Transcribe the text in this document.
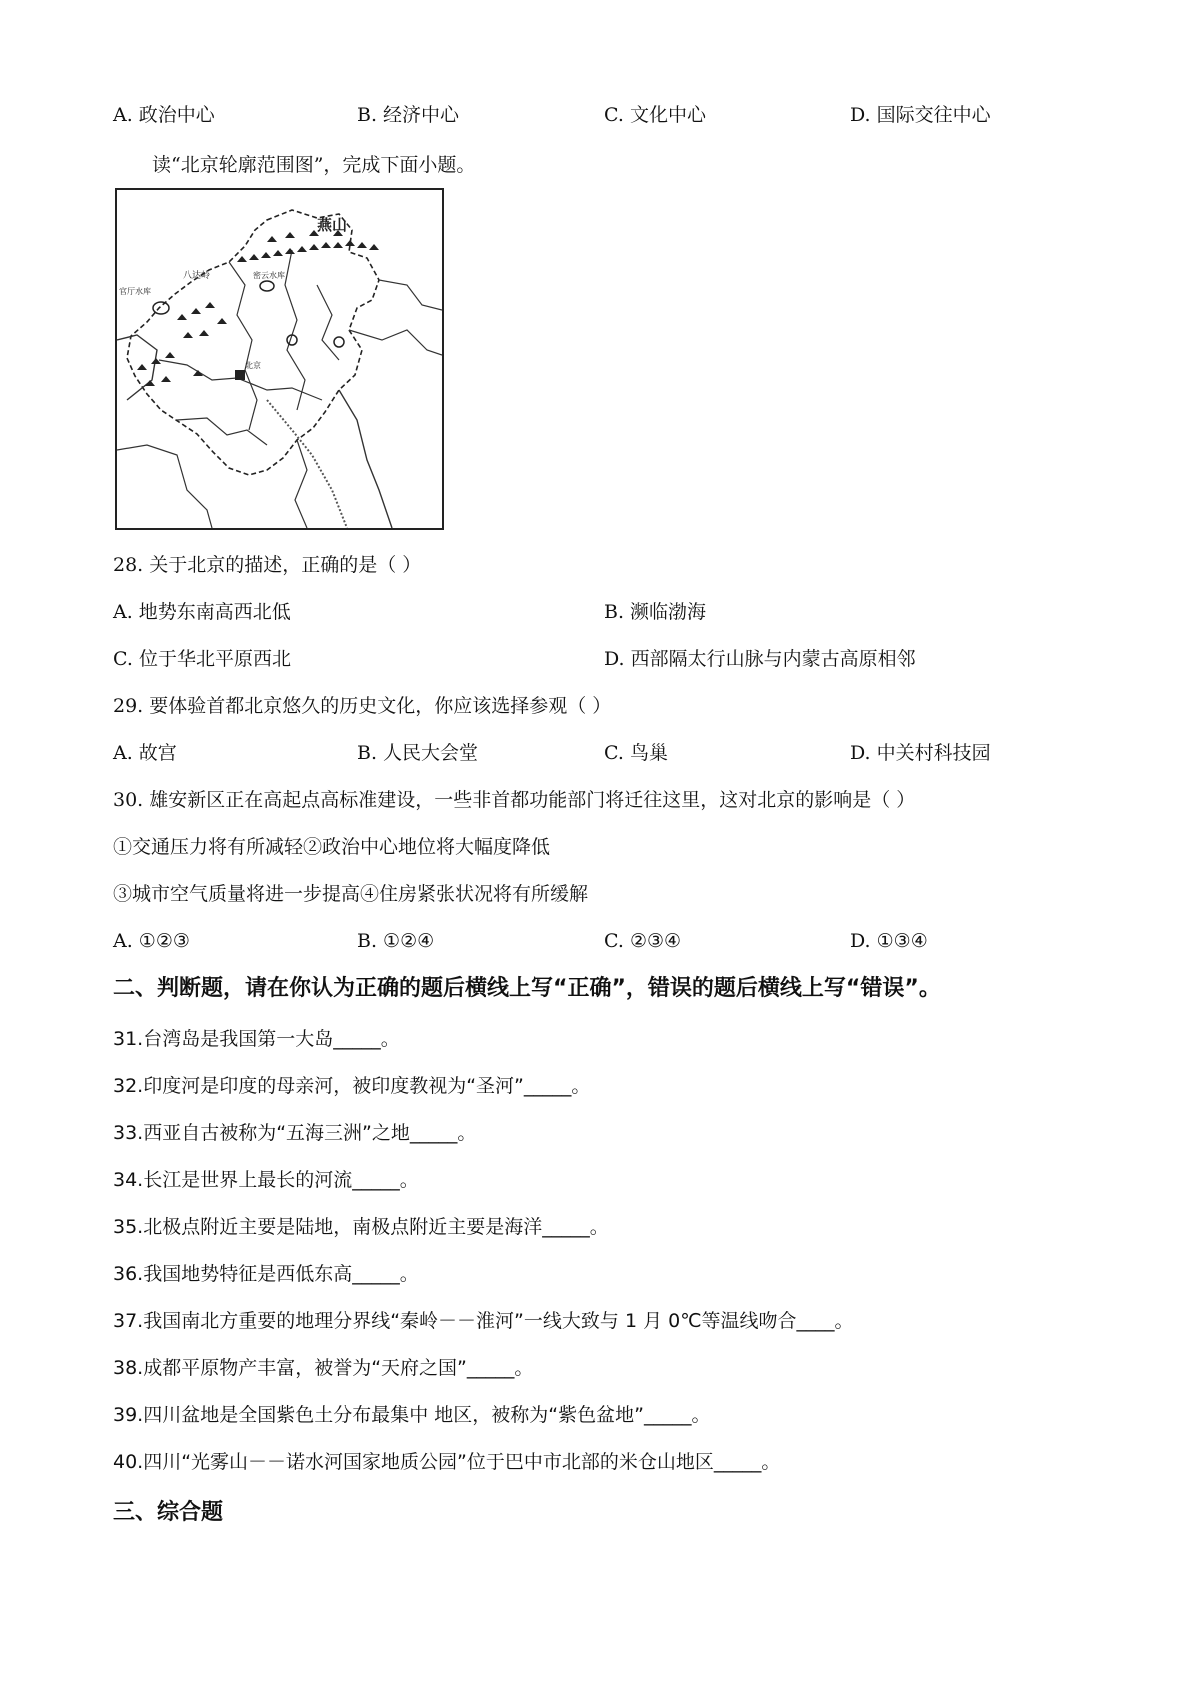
A. 政治中心	B. 经济中心	C. 文化中心	D. 国际交往中心
读“北京轮廓范围图”，完成下面小题。
燕山
八达岭	密云水库
官厅水库
北京
28. 关于北京的描述，正确的是（ ）
A. 地势东南高西北低	B. 濒临渤海
C. 位于华北平原西北	D. 西部隔太行山脉与内蒙古高原相邻
29. 要体验首都北京悠久的历史文化，你应该选择参观（ ）
A. 故宫	B. 人民大会堂	C. 鸟巢	D. 中关村科技园
30. 雄安新区正在高起点高标准建设，一些非首都功能部门将迁往这里，这对北京的影响是（ ）
①交通压力将有所减轻②政治中心地位将大幅度降低
③城市空气质量将进一步提高④住房紧张状况将有所缓解
A. ①②③	B. ①②④	C. ②③④	D. ①③④
二、判断题，请在你认为正确的题后横线上写“正确”，错误的题后横线上写“错误”。
31.台湾岛是我国第一大岛_____。
32.印度河是印度的母亲河，被印度教视为“圣河”_____。
33.西亚自古被称为“五海三洲”之地_____。
34.长江是世界上最长的河流_____。
35.北极点附近主要是陆地，南极点附近主要是海洋_____。
36.我国地势特征是西低东高_____。
37.我国南北方重要的地理分界线“秦岭－－淮河”一线大致与 1 月 0℃等温线吻合____。
38.成都平原物产丰富，被誉为“天府之国”_____。
39.四川盆地是全国紫色土分布最集中 地区，被称为“紫色盆地”_____。
40.四川“光雾山－－诺水河国家地质公园”位于巴中市北部的米仓山地区_____。
三、综合题
